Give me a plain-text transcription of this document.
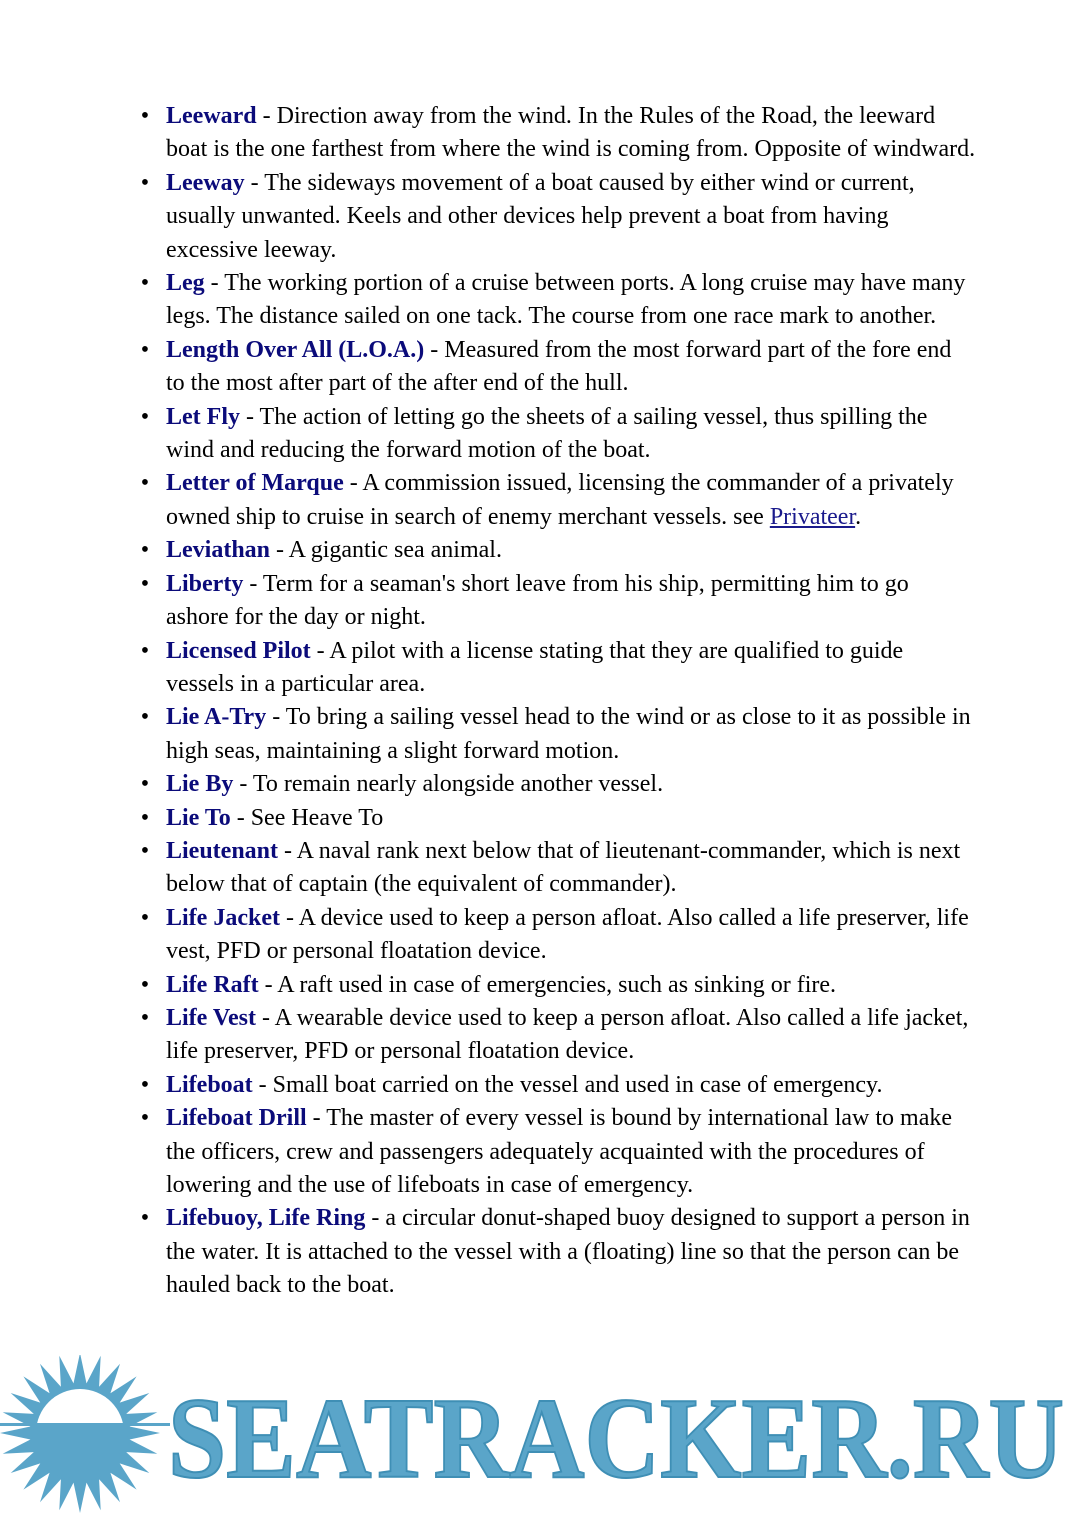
• Leeward - Direction away from the wind. In the Rules of the Road, the leeward boat is the one farthest from where the wind is coming from. Opposite of windward.
• Leeway - The sideways movement of a boat caused by either wind or current, usually unwanted. Keels and other devices help prevent a boat from having excessive leeway.
• Leg - The working portion of a cruise between ports. A long cruise may have many legs. The distance sailed on one tack. The course from one race mark to another.
• Length Over All (L.O.A.) - Measured from the most forward part of the fore end to the most after part of the after end of the hull.
• Let Fly - The action of letting go the sheets of a sailing vessel, thus spilling the wind and reducing the forward motion of the boat.
• Letter of Marque - A commission issued, licensing the commander of a privately owned ship to cruise in search of enemy merchant vessels. see Privateer.
• Leviathan - A gigantic sea animal.
• Liberty - Term for a seaman's short leave from his ship, permitting him to go ashore for the day or night.
• Licensed Pilot - A pilot with a license stating that they are qualified to guide vessels in a particular area.
• Lie A-Try - To bring a sailing vessel head to the wind or as close to it as possible in high seas, maintaining a slight forward motion.
• Lie By - To remain nearly alongside another vessel.
• Lie To - See Heave To
• Lieutenant - A naval rank next below that of lieutenant-commander, which is next below that of captain (the equivalent of commander).
• Life Jacket - A device used to keep a person afloat. Also called a life preserver, life vest, PFD or personal floatation device.
• Life Raft - A raft used in case of emergencies, such as sinking or fire.
• Life Vest - A wearable device used to keep a person afloat. Also called a life jacket, life preserver, PFD or personal floatation device.
• Lifeboat - Small boat carried on the vessel and used in case of emergency.
• Lifeboat Drill - The master of every vessel is bound by international law to make the officers, crew and passengers adequately acquainted with the procedures of lowering and the use of lifeboats in case of emergency.
• Lifebuoy, Life Ring - a circular donut-shaped buoy designed to support a person in the water. It is attached to the vessel with a (floating) line so that the person can be hauled back to the boat.
SEATRACKER.RU
